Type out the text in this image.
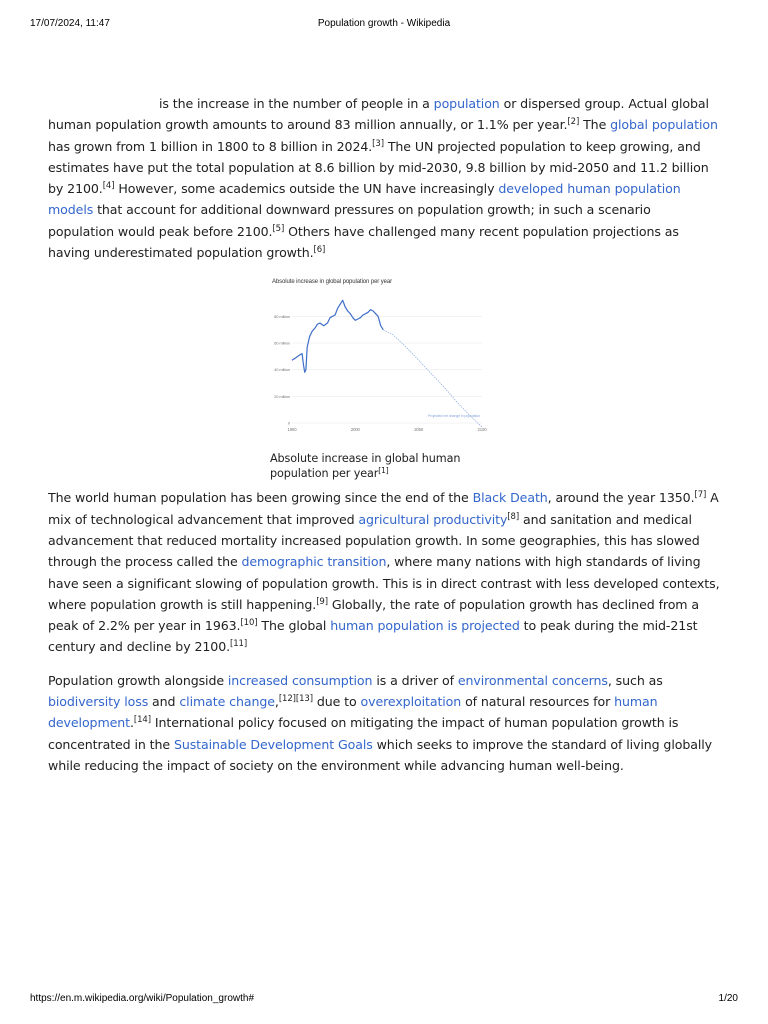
17/07/2024, 11:47	Population growth - Wikipedia

is the increase in the number of people in a population or dispersed group. Actual global human population growth amounts to around 83 million annually, or 1.1% per year.[2] The global population has grown from 1 billion in 1800 to 8 billion in 2024.[3] The UN projected population to keep growing, and estimates have put the total population at 8.6 billion by mid-2030, 9.8 billion by mid-2050 and 11.2 billion by 2100.[4] However, some academics outside the UN have increasingly developed human population models that account for additional downward pressures on population growth; in such a scenario population would peak before 2100.[5] Others have challenged many recent population projections as having underestimated population growth.[6]

Absolute increase in global population per year
0
20 million
40 million
60 million
80 million
1950	2000	2050	2100
Projected net change in population
Absolute increase in global human population per year[1]

The world human population has been growing since the end of the Black Death, around the year 1350.[7] A mix of technological advancement that improved agricultural productivity[8] and sanitation and medical advancement that reduced mortality increased population growth. In some geographies, this has slowed through the process called the demographic transition, where many nations with high standards of living have seen a significant slowing of population growth. This is in direct contrast with less developed contexts, where population growth is still happening.[9] Globally, the rate of population growth has declined from a peak of 2.2% per year in 1963.[10] The global human population is projected to peak during the mid-21st century and decline by 2100.[11]

Population growth alongside increased consumption is a driver of environmental concerns, such as biodiversity loss and climate change,[12][13] due to overexploitation of natural resources for human development.[14] International policy focused on mitigating the impact of human population growth is concentrated in the Sustainable Development Goals which seeks to improve the standard of living globally while reducing the impact of society on the environment while advancing human well-being.

https://en.m.wikipedia.org/wiki/Population_growth#	1/20
